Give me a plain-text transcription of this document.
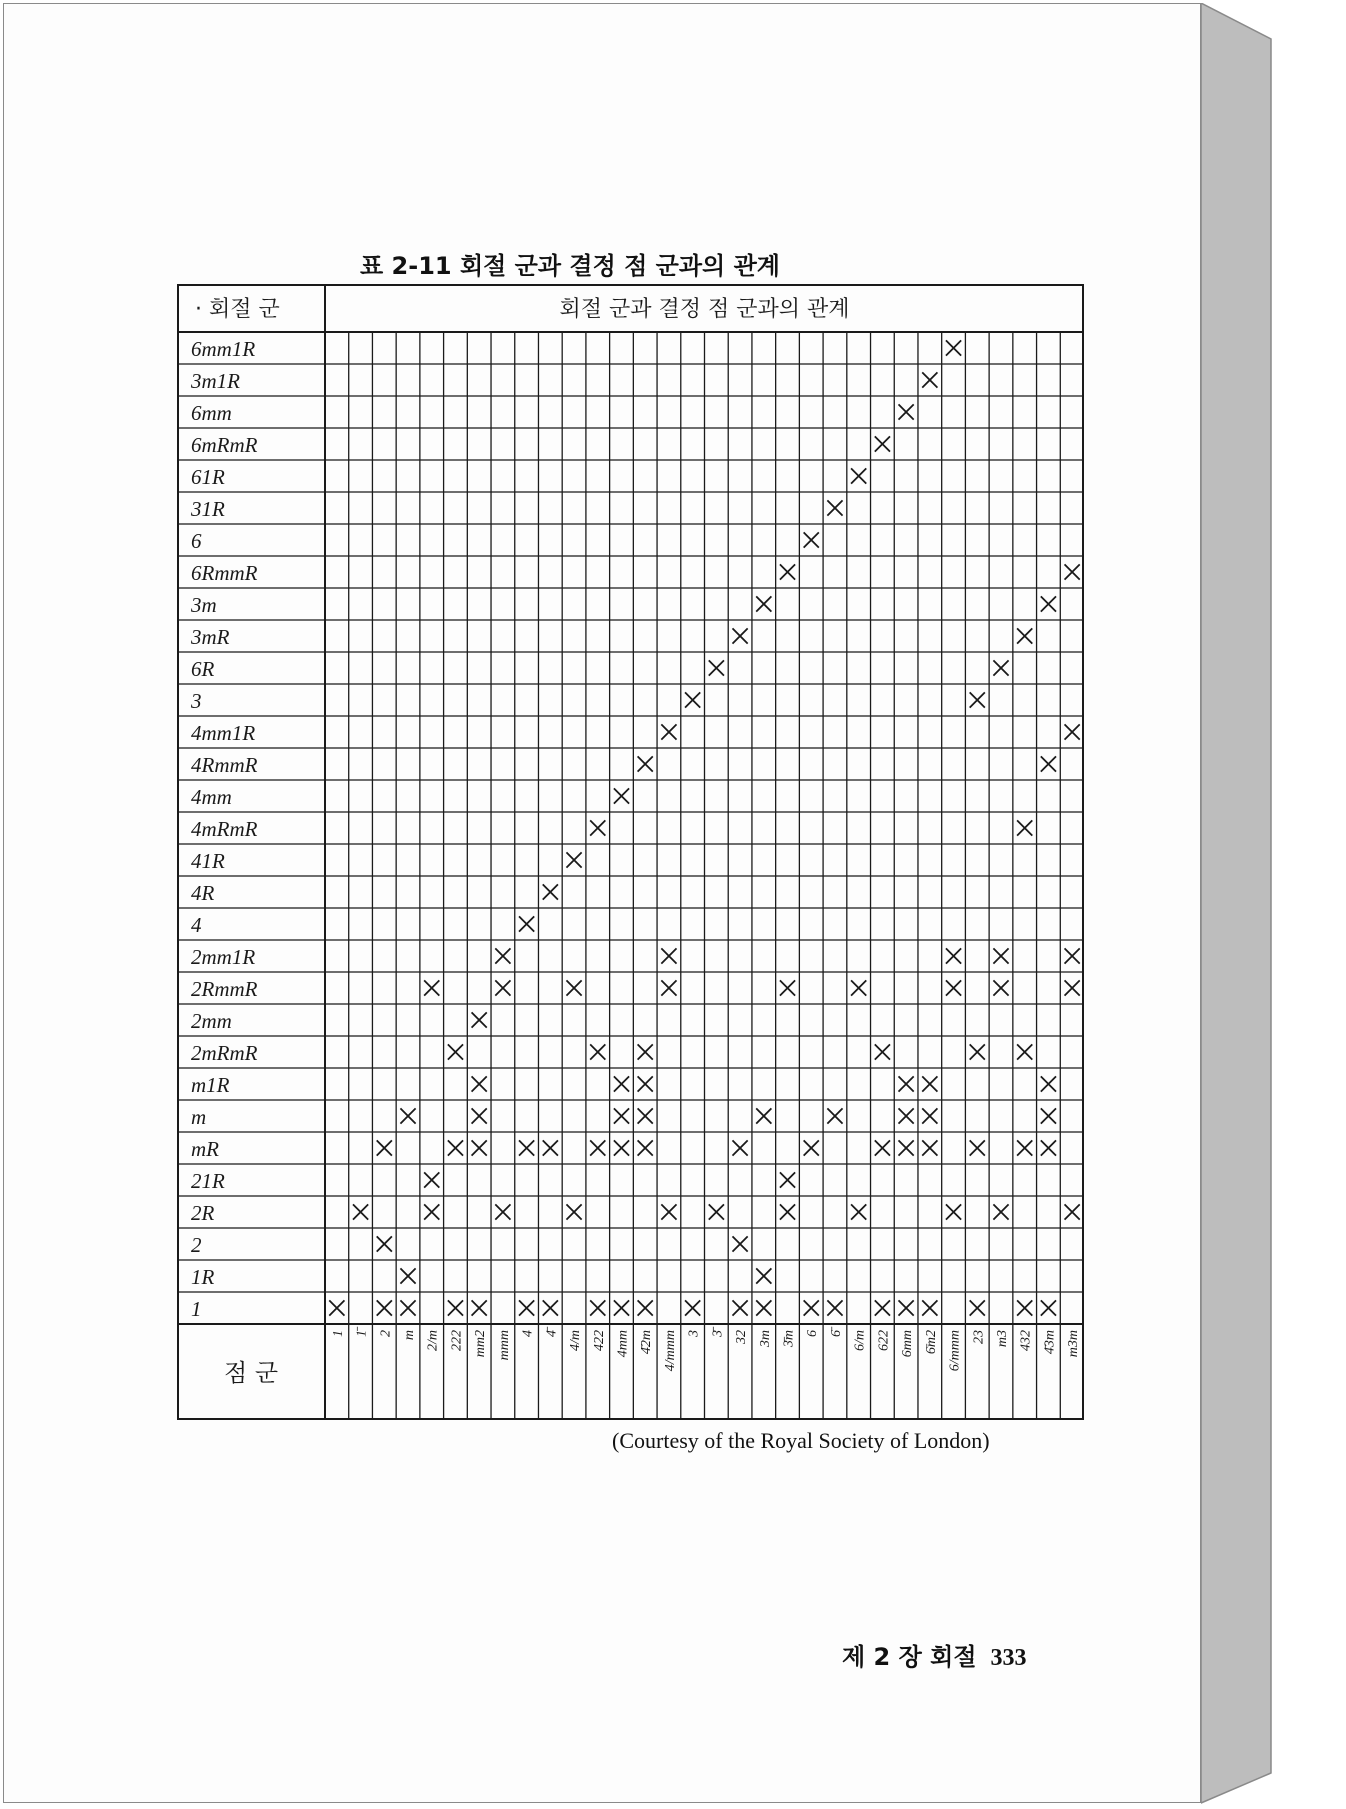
표 2-11 회절 군과 결정 점 군과의 관계
· 회절 군	회절 군과 결정 점 군과의 관계
6mm1R
3m1R
6mm
6mRmR
61R
31R
6
6RmmR
3m
3mR
6R
3
4mm1R
4RmmR
4mm
4mRmR
41R
4R
4
2mm1R
2RmmR
2mm
2mRmR
m1R
m
mR
21R
2R
2
1R
1
점 군
1 1̄ 2 m 2/m 222 mm2 mmm 4 4̄ 4/m 422 4mm 4̄2m 4/mmm 3 3̄ 32 3m 3̄m 6 6̄ 6/m 622 6mm 6̄m2 6/mmm 23 m3 432 4̄3m m3m
(Courtesy of the Royal Society of London)
제 2 장 회절 333
